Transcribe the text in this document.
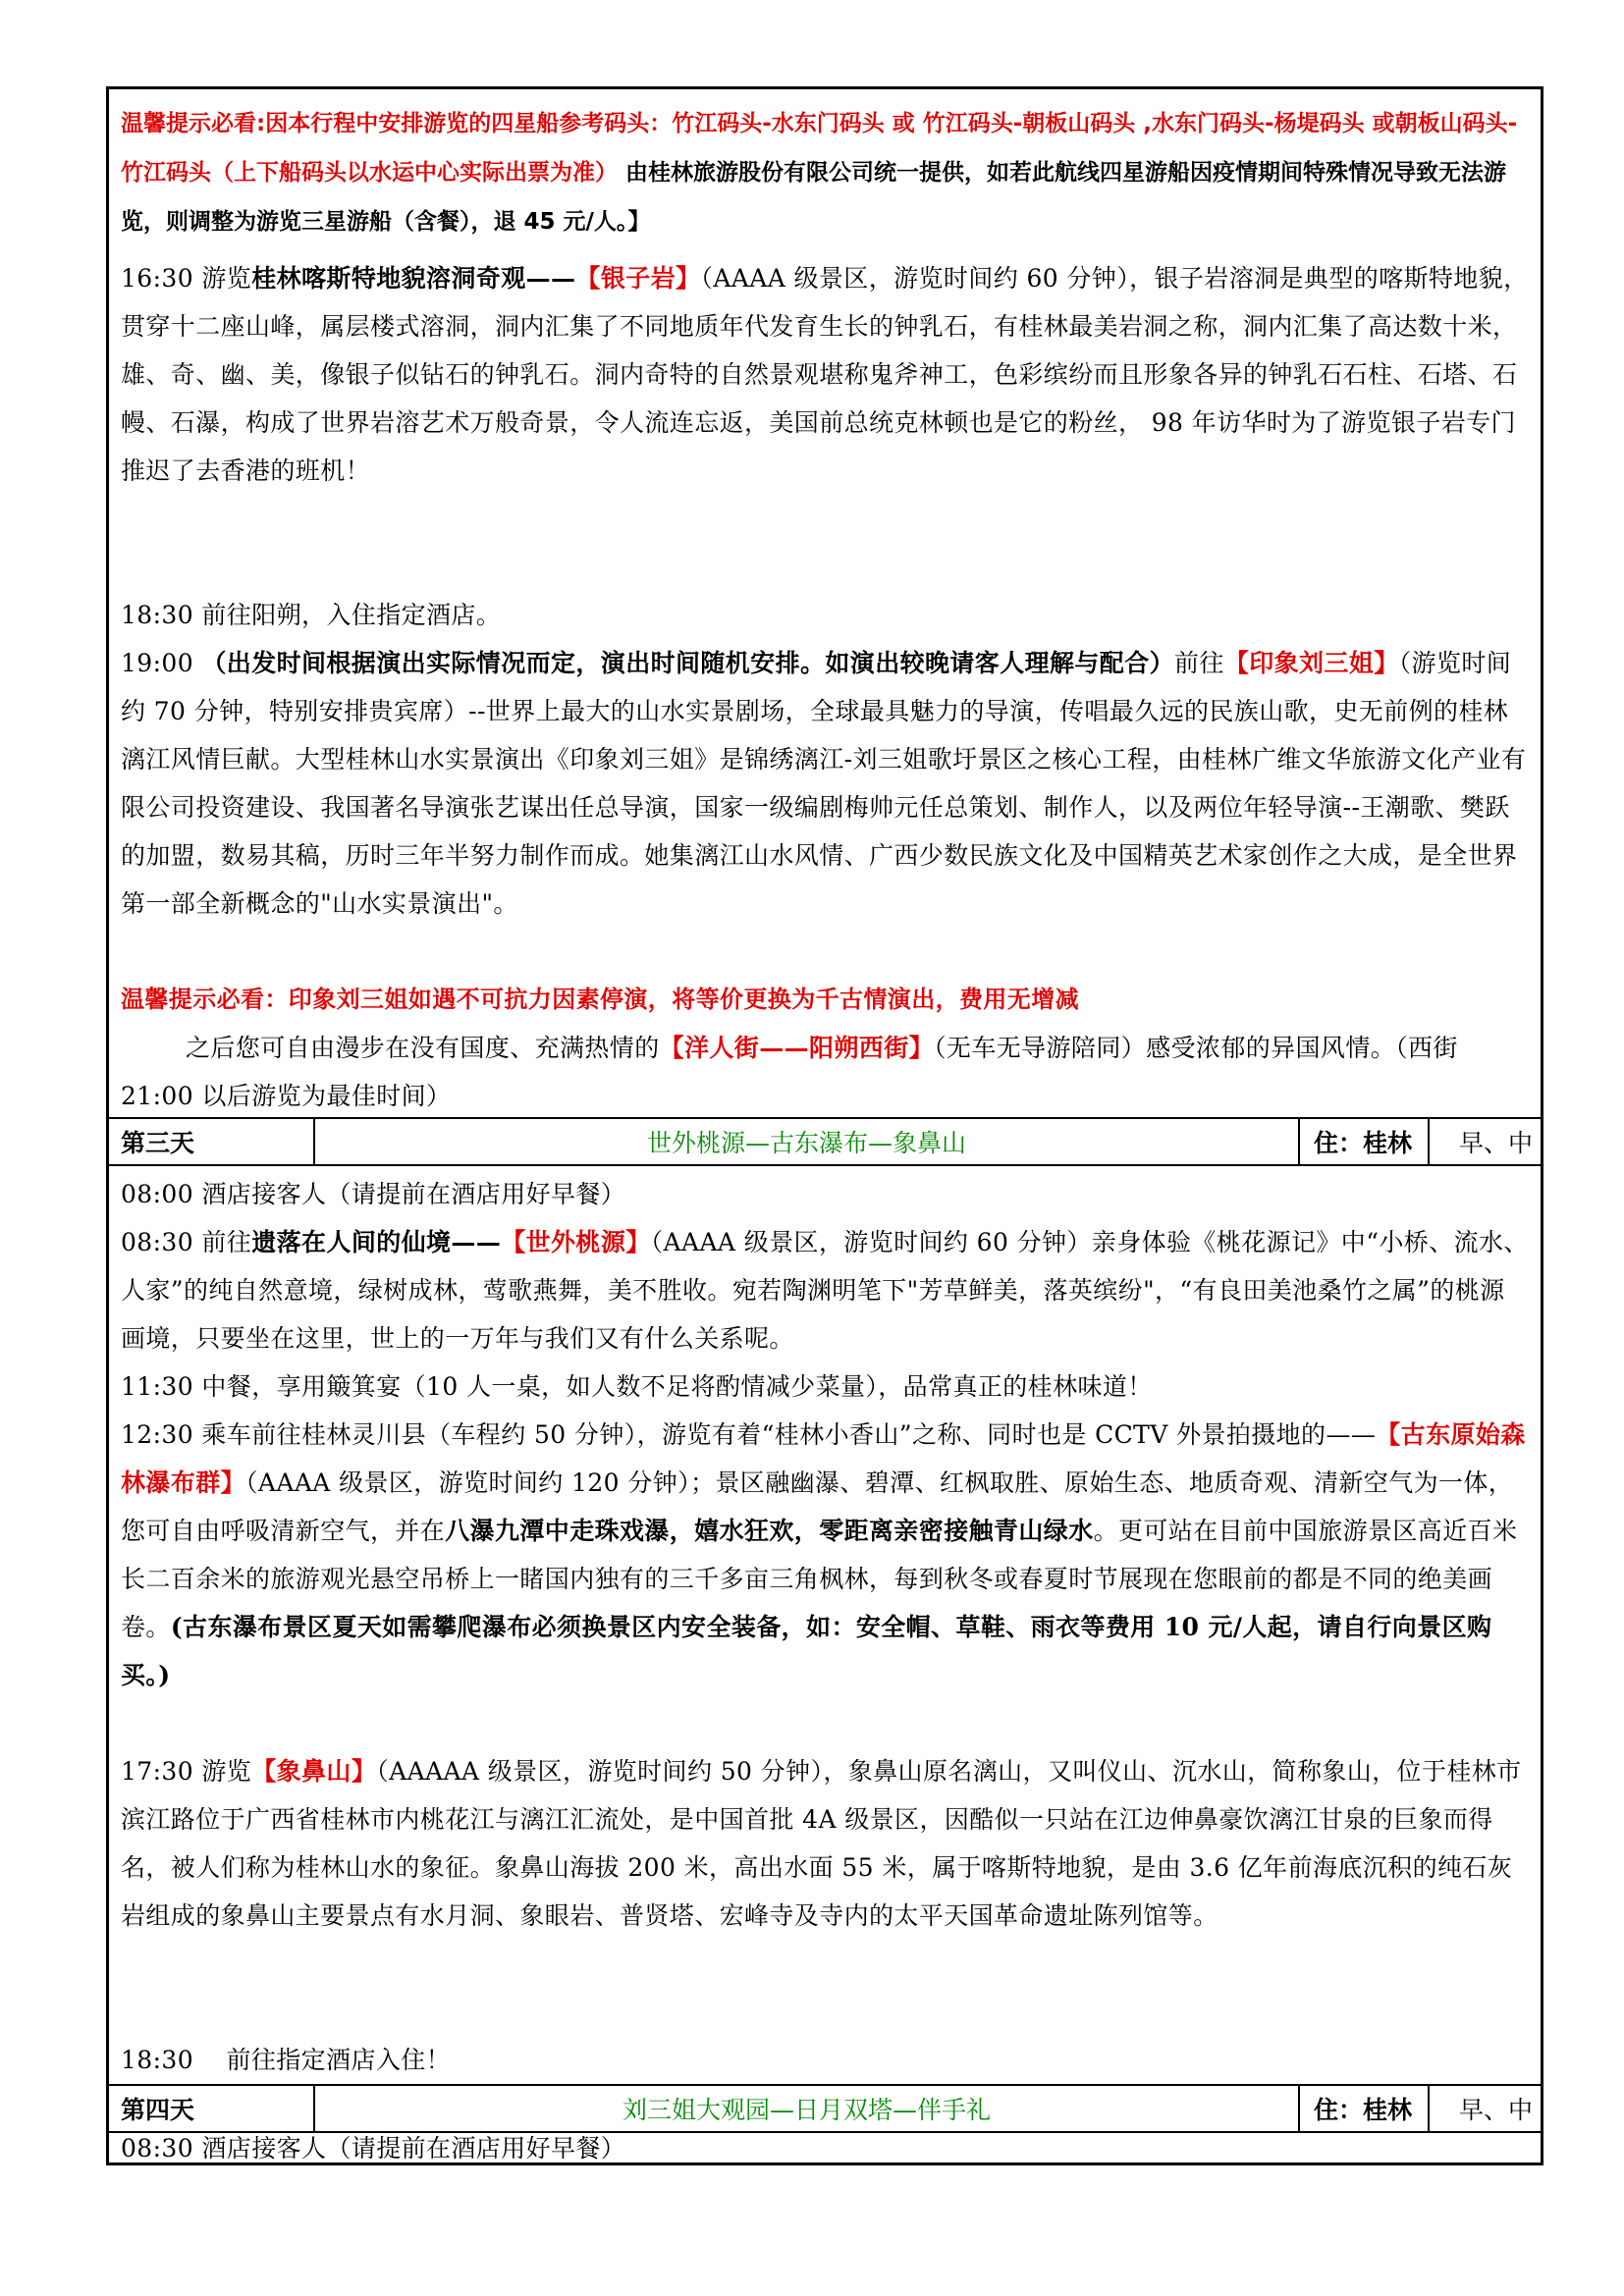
温馨提示必看:因本行程中安排游览的四星船参考码头：竹江码头-水东门码头 或 竹江码头-朝板山码头 ,水东门码头-杨堤码头 或朝板山码头-竹江码头（上下船码头以水运中心实际出票为准） 由桂林旅游股份有限公司统一提供，如若此航线四星游船因疫情期间特殊情况导致无法游览，则调整为游览三星游船（含餐），退 45 元/人。】

16:30 游览桂林喀斯特地貌溶洞奇观——【银子岩】（AAAA 级景区，游览时间约 60 分钟），银子岩溶洞是典型的喀斯特地貌，贯穿十二座山峰，属层楼式溶洞，洞内汇集了不同地质年代发育生长的钟乳石，有桂林最美岩洞之称，洞内汇集了高达数十米，雄、奇、幽、美，像银子似钻石的钟乳石。洞内奇特的自然景观堪称鬼斧神工，色彩缤纷而且形象各异的钟乳石石柱、石塔、石幔、石瀑，构成了世界岩溶艺术万般奇景，令人流连忘返，美国前总统克林顿也是它的粉丝， 98 年访华时为了游览银子岩专门推迟了去香港的班机！

18:30 前往阳朔，入住指定酒店。

19:00 （出发时间根据演出实际情况而定，演出时间随机安排。如演出较晚请客人理解与配合）前往【印象刘三姐】（游览时间约 70 分钟，特别安排贵宾席）--世界上最大的山水实景剧场，全球最具魅力的导演，传唱最久远的民族山歌，史无前例的桂林漓江风情巨献。大型桂林山水实景演出《印象刘三姐》是锦绣漓江-刘三姐歌圩景区之核心工程，由桂林广维文华旅游文化产业有限公司投资建设、我国著名导演张艺谋出任总导演，国家一级编剧梅帅元任总策划、制作人，以及两位年轻导演--王潮歌、樊跃的加盟，数易其稿，历时三年半努力制作而成。她集漓江山水风情、广西少数民族文化及中国精英艺术家创作之大成，是全世界第一部全新概念的"山水实景演出"。

温馨提示必看：印象刘三姐如遇不可抗力因素停演，将等价更换为千古情演出，费用无增减

之后您可自由漫步在没有国度、充满热情的【洋人街——阳朔西街】（无车无导游陪同）感受浓郁的异国风情。（西街 21:00 以后游览为最佳时间）

第三天	世外桃源—古东瀑布—象鼻山	住：桂林	早、中

08:00 酒店接客人（请提前在酒店用好早餐）

08:30 前往遗落在人间的仙境——【世外桃源】（AAAA 级景区，游览时间约 60 分钟）亲身体验《桃花源记》中“小桥、流水、人家”的纯自然意境，绿树成林，莺歌燕舞，美不胜收。宛若陶渊明笔下"芳草鲜美，落英缤纷"，“有良田美池桑竹之属”的桃源画境，只要坐在这里，世上的一万年与我们又有什么关系呢。

11:30 中餐，享用簸箕宴（10 人一桌，如人数不足将酌情减少菜量），品常真正的桂林味道！

12:30 乘车前往桂林灵川县（车程约 50 分钟），游览有着“桂林小香山”之称、同时也是 CCTV 外景拍摄地的——【古东原始森林瀑布群】（AAAA 级景区，游览时间约 120 分钟）；景区融幽瀑、碧潭、红枫取胜、原始生态、地质奇观、清新空气为一体，您可自由呼吸清新空气，并在八瀑九潭中走珠戏瀑，嬉水狂欢，零距离亲密接触青山绿水。更可站在目前中国旅游景区高近百米长二百余米的旅游观光悬空吊桥上一睹国内独有的三千多亩三角枫林，每到秋冬或春夏时节展现在您眼前的都是不同的绝美画卷。(古东瀑布景区夏天如需攀爬瀑布必须换景区内安全装备，如：安全帽、草鞋、雨衣等费用 10 元/人起，请自行向景区购买。)

17:30 游览【象鼻山】（AAAAA 级景区，游览时间约 50 分钟），象鼻山原名漓山，又叫仪山、沉水山，简称象山，位于桂林市滨江路位于广西省桂林市内桃花江与漓江汇流处，是中国首批 4A 级景区，因酷似一只站在江边伸鼻豪饮漓江甘泉的巨象而得名，被人们称为桂林山水的象征。象鼻山海拔 200 米，高出水面 55 米，属于喀斯特地貌，是由 3.6 亿年前海底沉积的纯石灰岩组成的象鼻山主要景点有水月洞、象眼岩、普贤塔、宏峰寺及寺内的太平天国革命遗址陈列馆等。

18:30 前往指定酒店入住！

第四天	刘三姐大观园—日月双塔—伴手礼	住：桂林	早、中

08:30 酒店接客人（请提前在酒店用好早餐）
